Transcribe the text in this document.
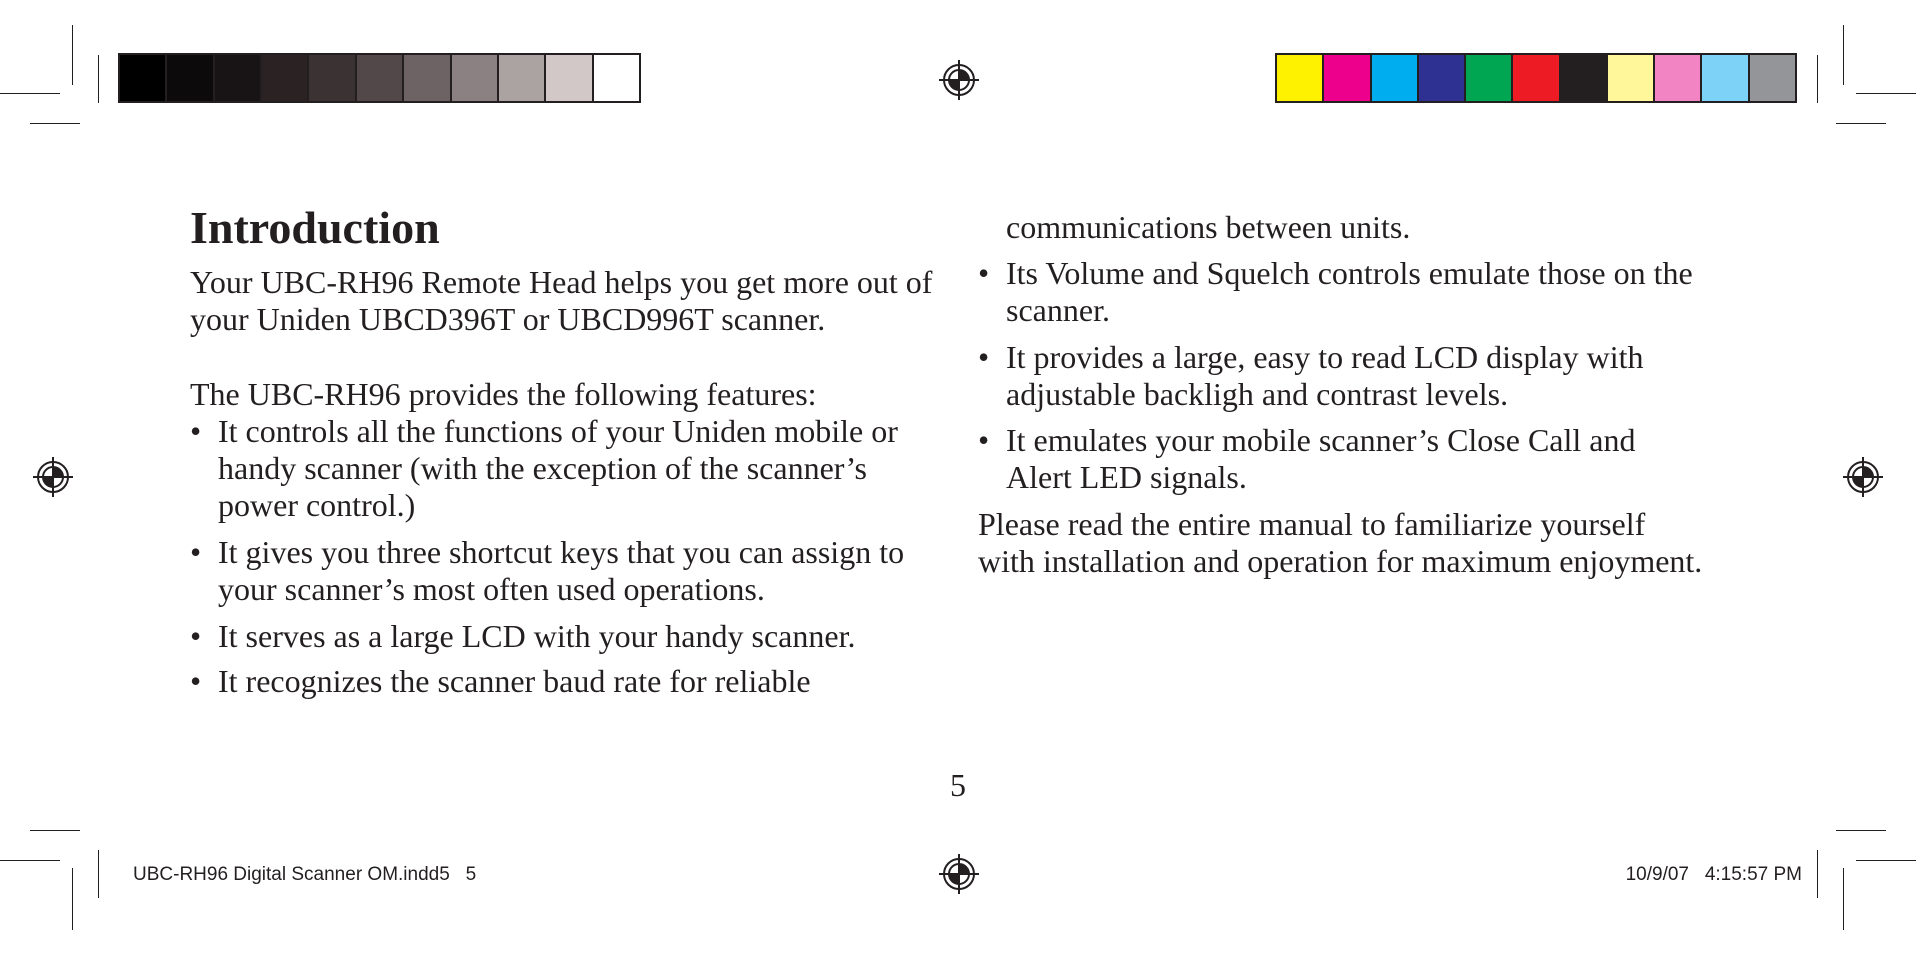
Introduction

Your UBC-RH96 Remote Head helps you get more out of your Uniden UBCD396T or UBCD996T scanner.

The UBC-RH96 provides the following features:

• It controls all the functions of your Uniden mobile or handy scanner (with the exception of the scanner’s power control.)
• It gives you three shortcut keys that you can assign to your scanner’s most often used operations.
• It serves as a large LCD with your handy scanner.
• It recognizes the scanner baud rate for reliable

communications between units.

• Its Volume and Squelch controls emulate those on the scanner.
• It provides a large, easy to read LCD display with adjustable backligh and contrast levels.
• It emulates your mobile scanner’s Close Call and Alert LED signals.

Please read the entire manual to familiarize yourself with installation and operation for maximum enjoyment.

5
UBC-RH96 Digital Scanner OM.indd5   5	10/9/07   4:15:57 PM
